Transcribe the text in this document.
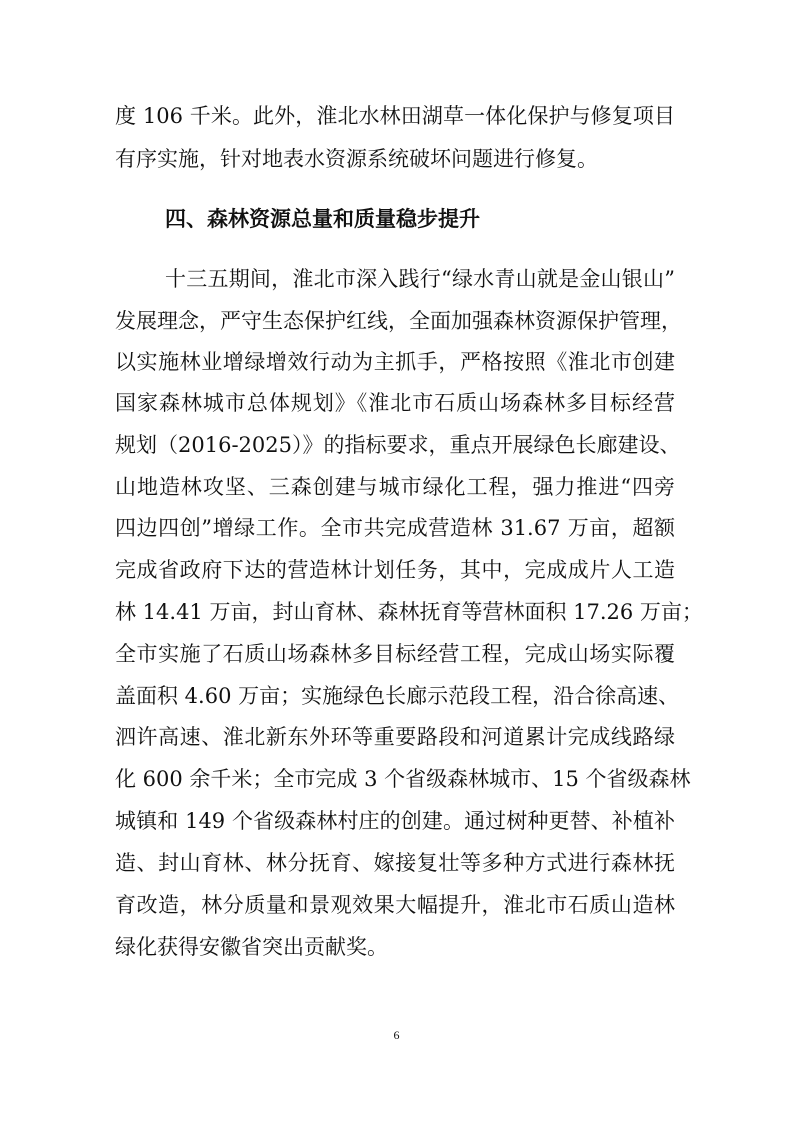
度 106 千米。此外，淮北水林田湖草一体化保护与修复项目
有序实施，针对地表水资源系统破坏问题进行修复。
四、森林资源总量和质量稳步提升
十三五期间，淮北市深入践行“绿水青山就是金山银山”
发展理念，严守生态保护红线，全面加强森林资源保护管理，
以实施林业增绿增效行动为主抓手，严格按照《淮北市创建
国家森林城市总体规划》《淮北市石质山场森林多目标经营
规划（2016-2025）》的指标要求，重点开展绿色长廊建设、
山地造林攻坚、三森创建与城市绿化工程，强力推进“四旁
四边四创”增绿工作。全市共完成营造林 31.67 万亩，超额
完成省政府下达的营造林计划任务，其中，完成成片人工造
林 14.41 万亩，封山育林、森林抚育等营林面积 17.26 万亩；
全市实施了石质山场森林多目标经营工程，完成山场实际覆
盖面积 4.60 万亩；实施绿色长廊示范段工程，沿合徐高速、
泗许高速、淮北新东外环等重要路段和河道累计完成线路绿
化 600 余千米；全市完成 3 个省级森林城市、15 个省级森林
城镇和 149 个省级森林村庄的创建。通过树种更替、补植补
造、封山育林、林分抚育、嫁接复壮等多种方式进行森林抚
育改造，林分质量和景观效果大幅提升，淮北市石质山造林
绿化获得安徽省突出贡献奖。
6
